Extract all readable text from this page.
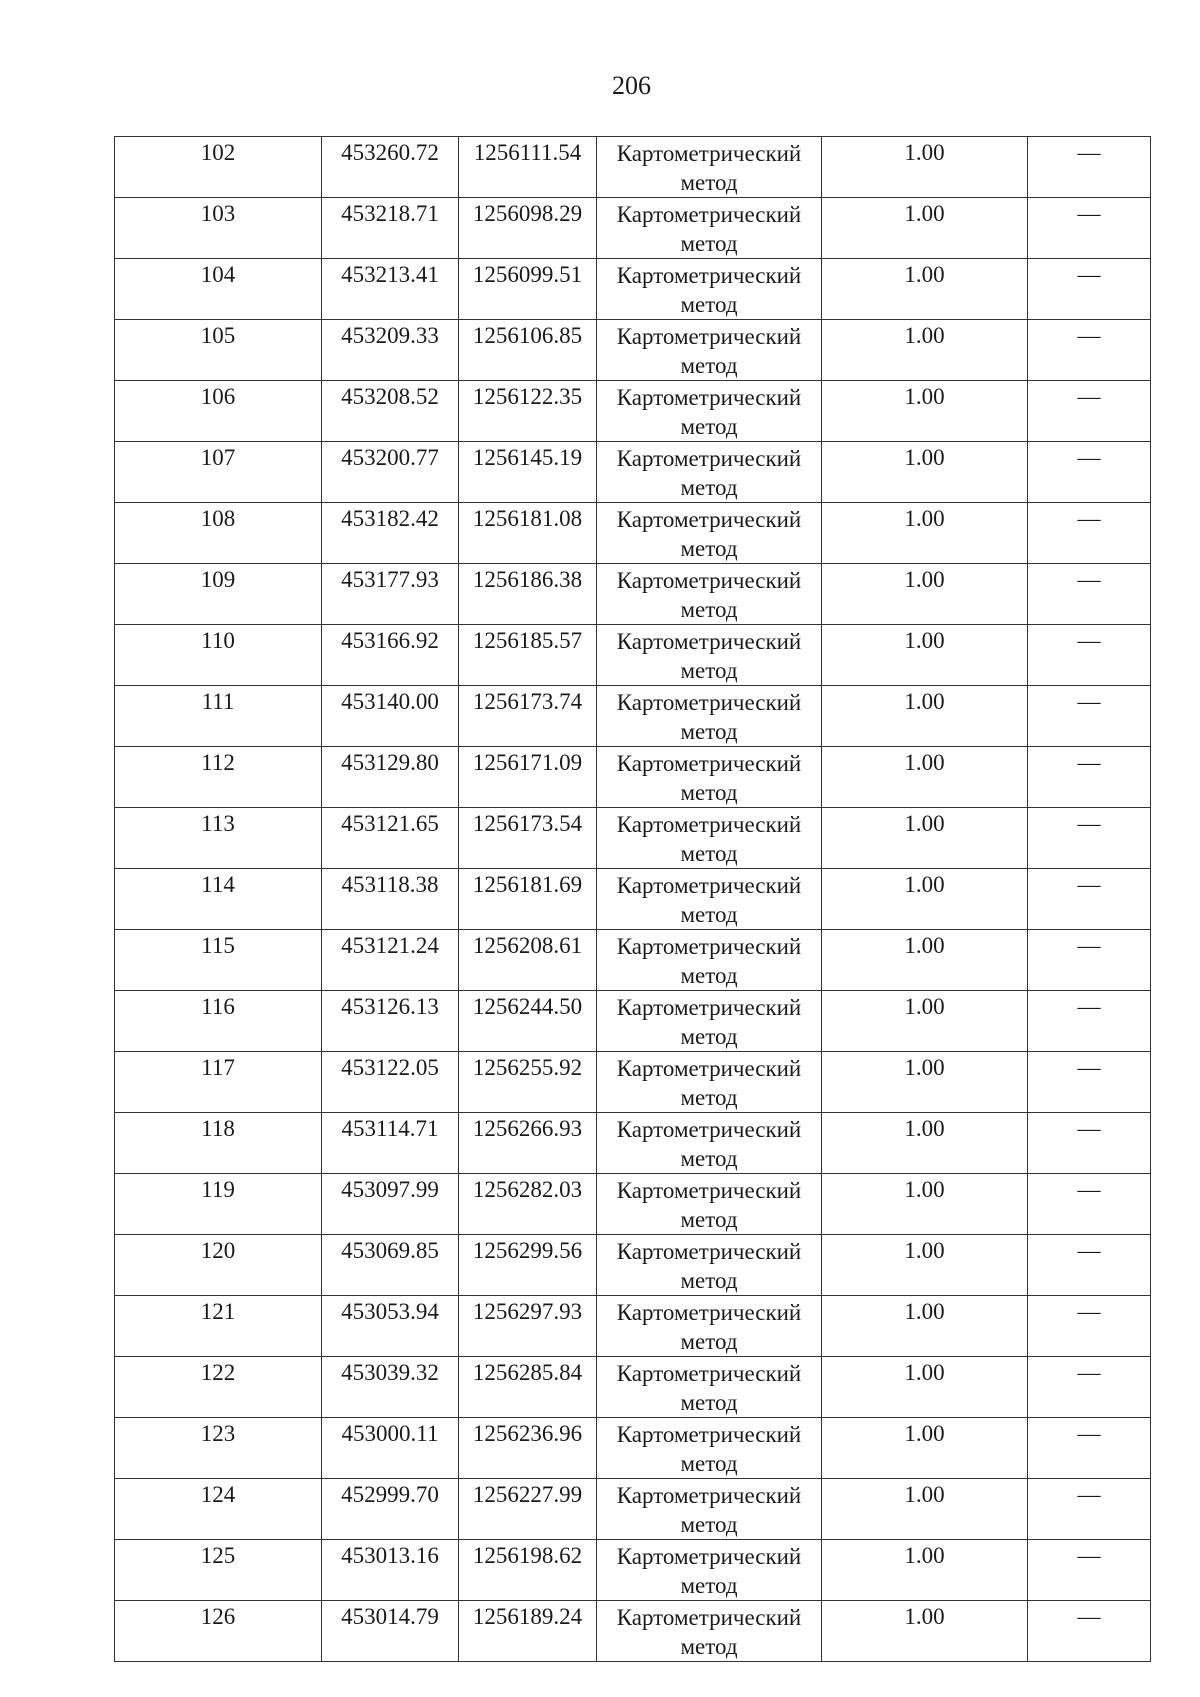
206
102	453260.72	1256111.54	Картометрический метод	1.00	—

103	453218.71	1256098.29	Картометрический метод	1.00	—

104	453213.41	1256099.51	Картометрический метод	1.00	—

105	453209.33	1256106.85	Картометрический метод	1.00	—

106	453208.52	1256122.35	Картометрический метод	1.00	—

107	453200.77	1256145.19	Картометрический метод	1.00	—

108	453182.42	1256181.08	Картометрический метод	1.00	—

109	453177.93	1256186.38	Картометрический метод	1.00	—

110	453166.92	1256185.57	Картометрический метод	1.00	—

111	453140.00	1256173.74	Картометрический метод	1.00	—

112	453129.80	1256171.09	Картометрический метод	1.00	—

113	453121.65	1256173.54	Картометрический метод	1.00	—

114	453118.38	1256181.69	Картометрический метод	1.00	—

115	453121.24	1256208.61	Картометрический метод	1.00	—

116	453126.13	1256244.50	Картометрический метод	1.00	—

117	453122.05	1256255.92	Картометрический метод	1.00	—

118	453114.71	1256266.93	Картометрический метод	1.00	—

119	453097.99	1256282.03	Картометрический метод	1.00	—

120	453069.85	1256299.56	Картометрический метод	1.00	—

121	453053.94	1256297.93	Картометрический метод	1.00	—

122	453039.32	1256285.84	Картометрический метод	1.00	—

123	453000.11	1256236.96	Картометрический метод	1.00	—

124	452999.70	1256227.99	Картометрический метод	1.00	—

125	453013.16	1256198.62	Картометрический метод	1.00	—

126	453014.79	1256189.24	Картометрический метод	1.00	—
